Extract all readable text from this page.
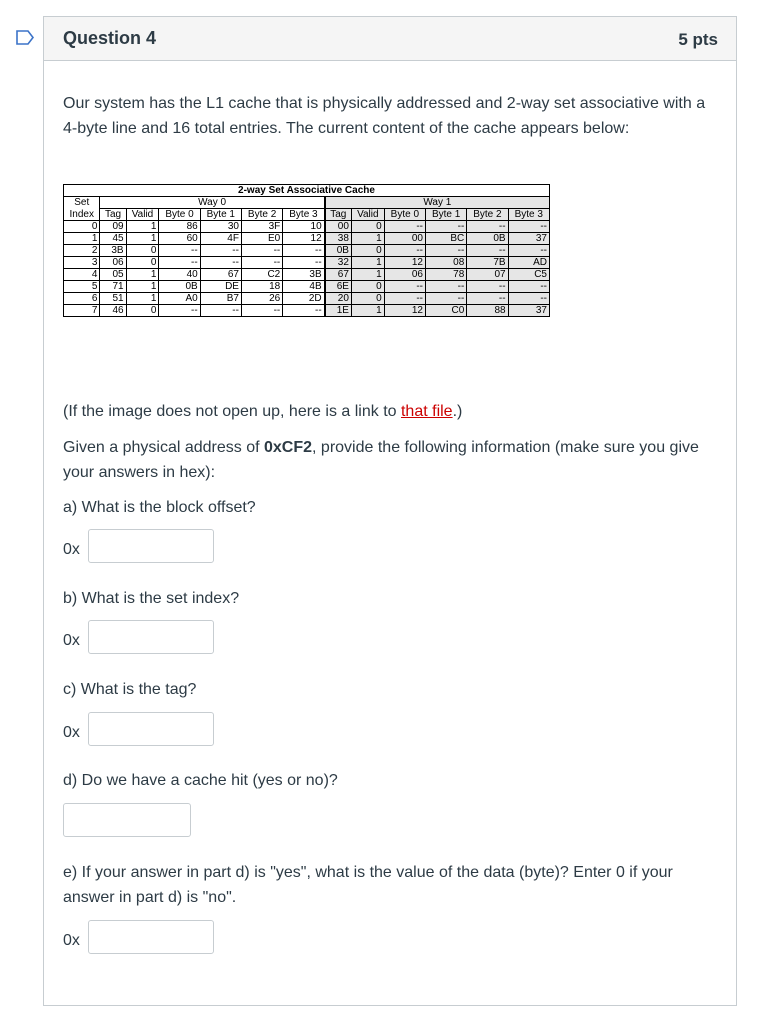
Question 4	5 pts
Our system has the L1 cache that is physically addressed and 2-way set associative with a 4-byte line and 16 total entries. The current content of the cache appears below:
2-way Set Associative Cache												
Set	Way 0						Way 1					
Index	Tag	Valid	Byte 0	Byte 1	Byte 2	Byte 3	Tag	Valid	Byte 0	Byte 1	Byte 2	Byte 3
0	09	1	86	30	3F	10	00	0	--	--	--	--
1	45	1	60	4F	E0	12	38	1	00	BC	0B	37
2	3B	0	--	--	--	--	0B	0	--	--	--	--
3	06	0	--	--	--	--	32	1	12	08	7B	AD
4	05	1	40	67	C2	3B	67	1	06	78	07	C5
5	71	1	0B	DE	18	4B	6E	0	--	--	--	--
6	51	1	A0	B7	26	2D	20	0	--	--	--	--
7	46	0	--	--	--	--	1E	1	12	C0	88	37
(If the image does not open up, here is a link to that file.)
Given a physical address of 0xCF2, provide the following information (make sure you give your answers in hex):
a) What is the block offset?
0x
b) What is the set index?
0x
c) What is the tag?
0x
d) Do we have a cache hit (yes or no)?
e) If your answer in part d) is "yes", what is the value of the data (byte)? Enter 0 if your answer in part d) is "no".
0x
